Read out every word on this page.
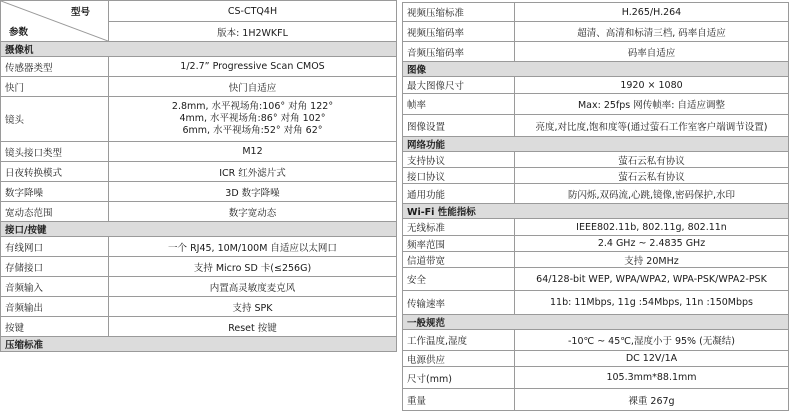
型号
参数	CS-CTQ4H
	版本: 1H2WKFL
摄像机	
传感器类型	1/2.7” Progressive Scan CMOS
快门	快门自适应
镜头	2.8mm, 水平视场角:106° 对角 122°
4mm, 水平视场角:86° 对角 102°
6mm, 水平视场角:52° 对角 62°

镜头接口类型	M12
日夜转换模式	ICR 红外滤片式
数字降噪	3D 数字降噪
宽动态范围	数字宽动态
接口/按键	
有线网口	一个 RJ45, 10M/100M 自适应以太网口
存储接口	支持 Micro SD 卡(≤256G)
音频输入	内置高灵敏度麦克风
音频输出	支持 SPK
按键	Reset 按键
压缩标准	
视频压缩标准	H.265/H.264
视频压缩码率	超清、高清和标清三档, 码率自适应
音频压缩码率	码率自适应
图像	
最大图像尺寸	1920 × 1080
帧率	Max: 25fps 网传帧率: 自适应调整
图像设置	亮度,对比度,饱和度等(通过萤石工作室客户端调节设置)
网络功能	
支持协议	萤石云私有协议
接口协议	萤石云私有协议
通用功能	防闪烁,双码流,心跳,镜像,密码保护,水印
Wi-Fi 性能指标	
无线标准	IEEE802.11b, 802.11g, 802.11n
频率范围	2.4 GHz ~ 2.4835 GHz
信道带宽	支持 20MHz
安全	64/128-bit WEP, WPA/WPA2, WPA-PSK/WPA2-PSK
传输速率	11b: 11Mbps, 11g :54Mbps, 11n :150Mbps
一般规范	
工作温度,湿度	-10℃ ~ 45℃,湿度小于 95% (无凝结)
电源供应	DC 12V/1A
尺寸(mm)	105.3mm*88.1mm
重量	裸重 267g
